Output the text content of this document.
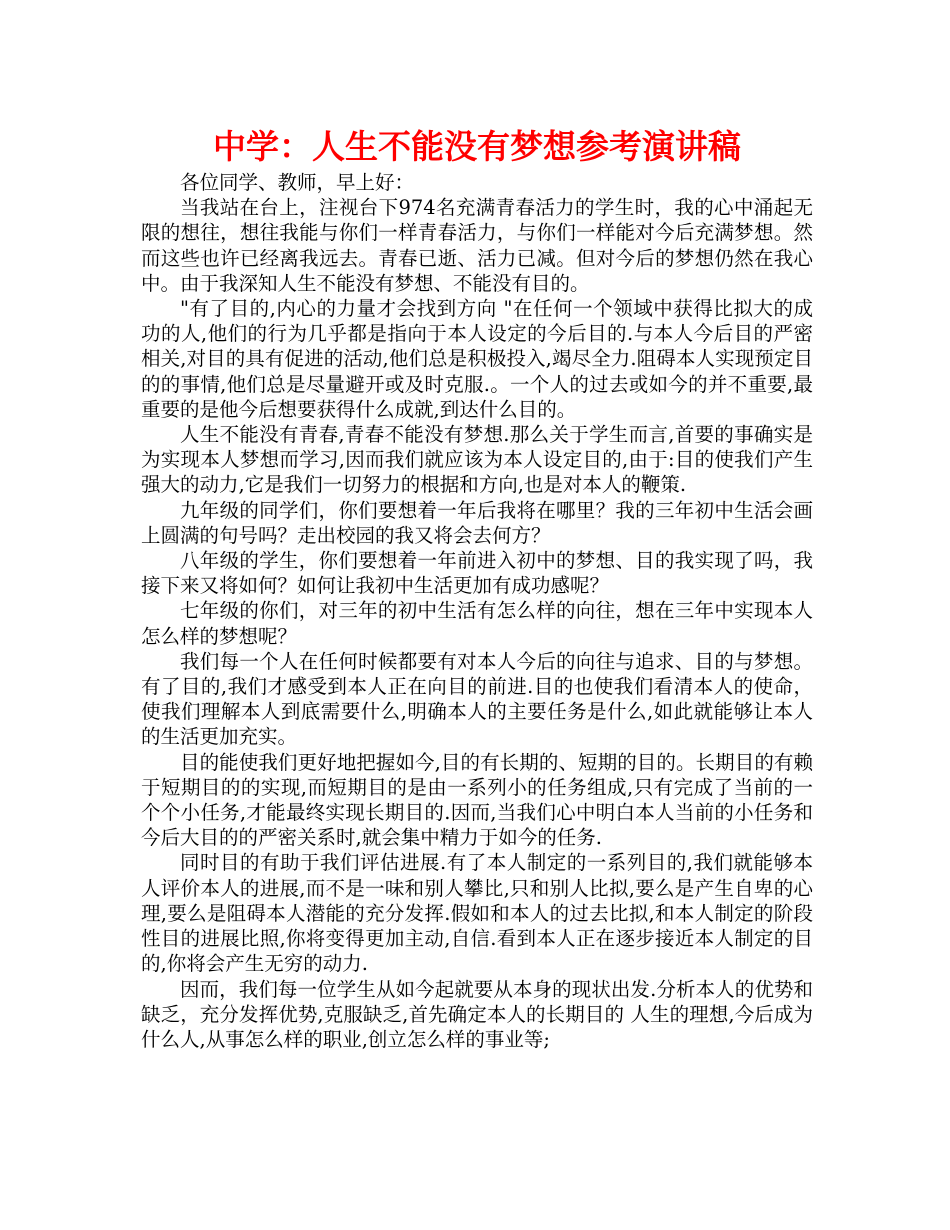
中学：人生不能没有梦想参考演讲稿

各位同学、教师，早上好：

当我站在台上，注视台下974名充满青春活力的学生时，我的心中涌起无限的想往，想往我能与你们一样青春活力，与你们一样能对今后充满梦想。然而这些也许已经离我远去。青春已逝、活力已减。但对今后的梦想仍然在我心中。由于我深知人生不能没有梦想、不能没有目的。

"有了目的,内心的力量才会找到方向 "在任何一个领域中获得比拟大的成功的人,他们的行为几乎都是指向于本人设定的今后目的.与本人今后目的严密相关,对目的具有促进的活动,他们总是积极投入,竭尽全力.阻碍本人实现预定目的的事情,他们总是尽量避开或及时克服.。一个人的过去或如今的并不重要,最重要的是他今后想要获得什么成就,到达什么目的。

人生不能没有青春,青春不能没有梦想.那么关于学生而言,首要的事确实是为实现本人梦想而学习,因而我们就应该为本人设定目的,由于:目的使我们产生强大的动力,它是我们一切努力的根据和方向,也是对本人的鞭策.

九年级的同学们，你们要想着一年后我将在哪里？我的三年初中生活会画上圆满的句号吗？走出校园的我又将会去何方？

八年级的学生，你们要想着一年前进入初中的梦想、目的我实现了吗，我接下来又将如何？如何让我初中生活更加有成功感呢？

七年级的你们，对三年的初中生活有怎么样的向往，想在三年中实现本人怎么样的梦想呢？

我们每一个人在任何时候都要有对本人今后的向往与追求、目的与梦想。有了目的,我们才感受到本人正在向目的前进.目的也使我们看清本人的使命，使我们理解本人到底需要什么,明确本人的主要任务是什么,如此就能够让本人的生活更加充实。

目的能使我们更好地把握如今,目的有长期的、短期的目的。长期目的有赖于短期目的的实现,而短期目的是由一系列小的任务组成,只有完成了当前的一个个小任务,才能最终实现长期目的.因而,当我们心中明白本人当前的小任务和今后大目的的严密关系时,就会集中精力于如今的任务.

同时目的有助于我们评估进展.有了本人制定的一系列目的,我们就能够本人评价本人的进展,而不是一味和别人攀比,只和别人比拟,要么是产生自卑的心理,要么是阻碍本人潜能的充分发挥.假如和本人的过去比拟,和本人制定的阶段性目的进展比照,你将变得更加主动,自信.看到本人正在逐步接近本人制定的目的,你将会产生无穷的动力.

因而，我们每一位学生从如今起就要从本身的现状出发.分析本人的优势和缺乏，充分发挥优势,克服缺乏,首先确定本人的长期目的 人生的理想,今后成为什么人,从事怎么样的职业,创立怎么样的事业等;
